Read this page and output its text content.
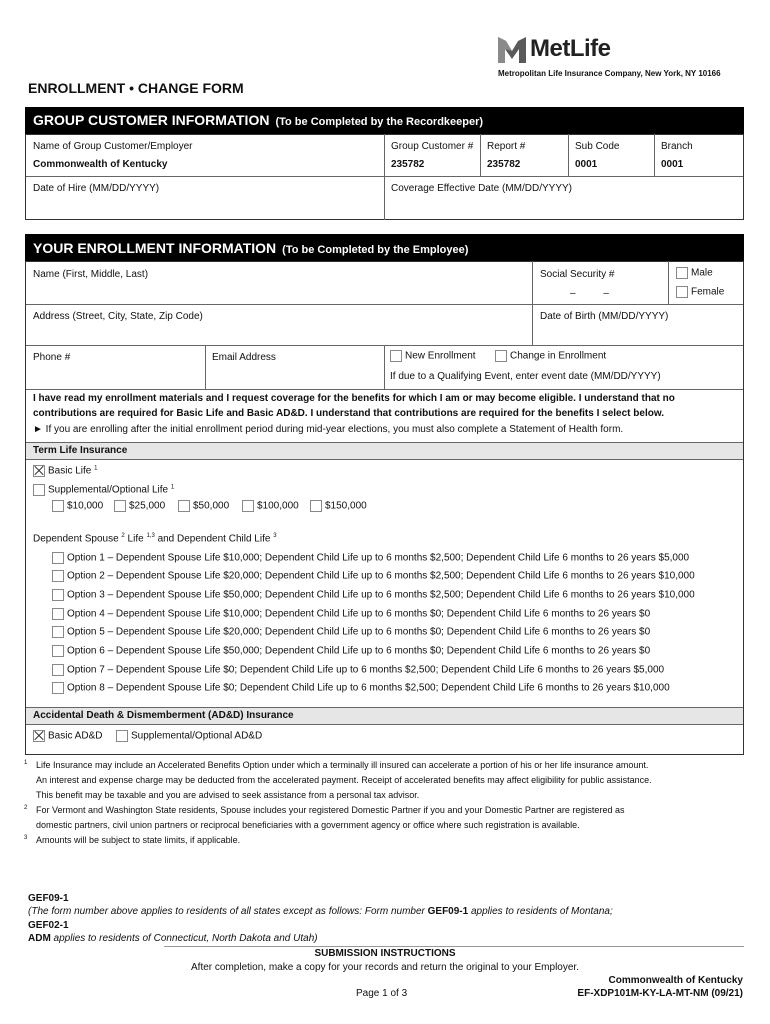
MetLife
Metropolitan Life Insurance Company, New York, NY 10166
ENROLLMENT • CHANGE FORM
GROUP CUSTOMER INFORMATION (To be Completed by the Recordkeeper)
Name of Group Customer/Employer
Commonwealth of Kentucky
Group Customer #
235782
Report #
235782
Sub Code
0001
Branch
0001
Date of Hire (MM/DD/YYYY)	Coverage Effective Date (MM/DD/YYYY)
YOUR ENROLLMENT INFORMATION (To be Completed by the Employee)
Name (First, Middle, Last)	Social Security #
–          –
Male
Female
Address (Street, City, State, Zip Code)	Date of Birth (MM/DD/YYYY)
Phone #	Email Address	New Enrollment	Change in Enrollment
If due to a Qualifying Event, enter event date (MM/DD/YYYY)
I have read my enrollment materials and I request coverage for the benefits for which I am or may become eligible. I understand that no
contributions are required for Basic Life and Basic AD&D. I understand that contributions are required for the benefits I select below.
► If you are enrolling after the initial enrollment period during mid-year elections, you must also complete a Statement of Health form.
Term Life Insurance
Basic Life $^1$
Supplemental/Optional Life $^1$
$10,000	$25,000	$50,000	$100,000	$150,000
Dependent Spouse $^2$ Life $^{1,3}$ and Dependent Child Life $^3$
Option 1 – Dependent Spouse Life $10,000; Dependent Child Life up to 6 months $2,500; Dependent Child Life 6 months to 26 years $5,000
Option 2 – Dependent Spouse Life $20,000; Dependent Child Life up to 6 months $2,500; Dependent Child Life 6 months to 26 years $10,000
Option 3 – Dependent Spouse Life $50,000; Dependent Child Life up to 6 months $2,500; Dependent Child Life 6 months to 26 years $10,000
Option 4 – Dependent Spouse Life $10,000; Dependent Child Life up to 6 months $0; Dependent Child Life 6 months to 26 years $0
Option 5 – Dependent Spouse Life $20,000; Dependent Child Life up to 6 months $0; Dependent Child Life 6 months to 26 years $0
Option 6 – Dependent Spouse Life $50,000; Dependent Child Life up to 6 months $0; Dependent Child Life 6 months to 26 years $0
Option 7 – Dependent Spouse Life $0; Dependent Child Life up to 6 months $2,500; Dependent Child Life 6 months to 26 years $5,000
Option 8 – Dependent Spouse Life $0; Dependent Child Life up to 6 months $2,500; Dependent Child Life 6 months to 26 years $10,000
Accidental Death & Dismemberment (AD&D) Insurance
Basic AD&D	Supplemental/Optional AD&D
1 Life Insurance may include an Accelerated Benefits Option under which a terminally ill insured can accelerate a portion of his or her life insurance amount.
An interest and expense charge may be deducted from the accelerated payment. Receipt of accelerated benefits may affect eligibility for public assistance.
This benefit may be taxable and you are advised to seek assistance from a personal tax advisor.
2 For Vermont and Washington State residents, Spouse includes your registered Domestic Partner if you and your Domestic Partner are registered as
domestic partners, civil union partners or reciprocal beneficiaries with a government agency or office where such registration is available.
3 Amounts will be subject to state limits, if applicable.
GEF09-1
(The form number above applies to residents of all states except as follows: Form number GEF09-1 applies to residents of Montana;
GEF02-1
ADM applies to residents of Connecticut, North Dakota and Utah)
SUBMISSION INSTRUCTIONS
After completion, make a copy for your records and return the original to your Employer.
Page 1 of 3
Commonwealth of Kentucky
EF-XDP101M-KY-LA-MT-NM (09/21)
